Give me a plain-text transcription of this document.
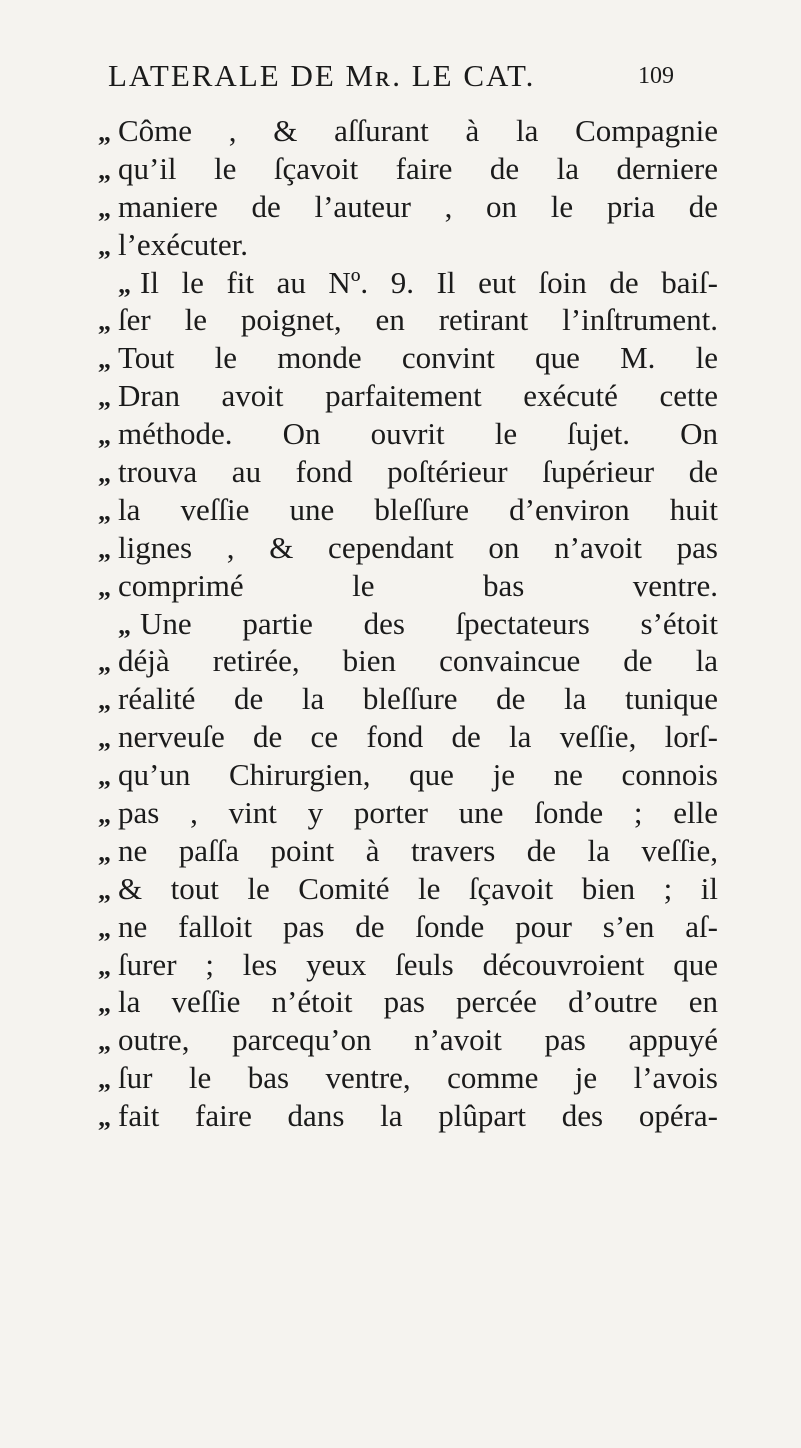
LATERALE DE Mʀ. LE CAT.	109
„ Côme , & aſſurant à la Compagnie
„ qu’il le ſçavoit faire de la derniere
„ maniere de l’auteur , on le pria de
„ l’exécuter.
„ Il le fit au Nº. 9. Il eut ſoin de baiſ-
„ ſer le poignet, en retirant l’inſtrument.
„ Tout le monde convint que M. le
„ Dran avoit parfaitement exécuté cette
„ méthode. On ouvrit le ſujet. On
„ trouva au fond poſtérieur ſupérieur de
„ la veſſie une bleſſure d’environ huit
„ lignes , & cependant on n’avoit pas
„ comprimé le bas ventre.
„ Une partie des ſpectateurs s’étoit
„ déjà retirée, bien convaincue de la
„ réalité de la bleſſure de la tunique
„ nerveuſe de ce fond de la veſſie, lorſ-
„ qu’un Chirurgien, que je ne connois
„ pas , vint y porter une ſonde ; elle
„ ne paſſa point à travers de la veſſie,
„ & tout le Comité le ſçavoit bien ; il
„ ne falloit pas de ſonde pour s’en aſ-
„ ſurer ; les yeux ſeuls découvroient que
„ la veſſie n’étoit pas percée d’outre en
„ outre, parcequ’on n’avoit pas appuyé
„ ſur le bas ventre, comme je l’avois
„ fait faire dans la plûpart des opéra-
